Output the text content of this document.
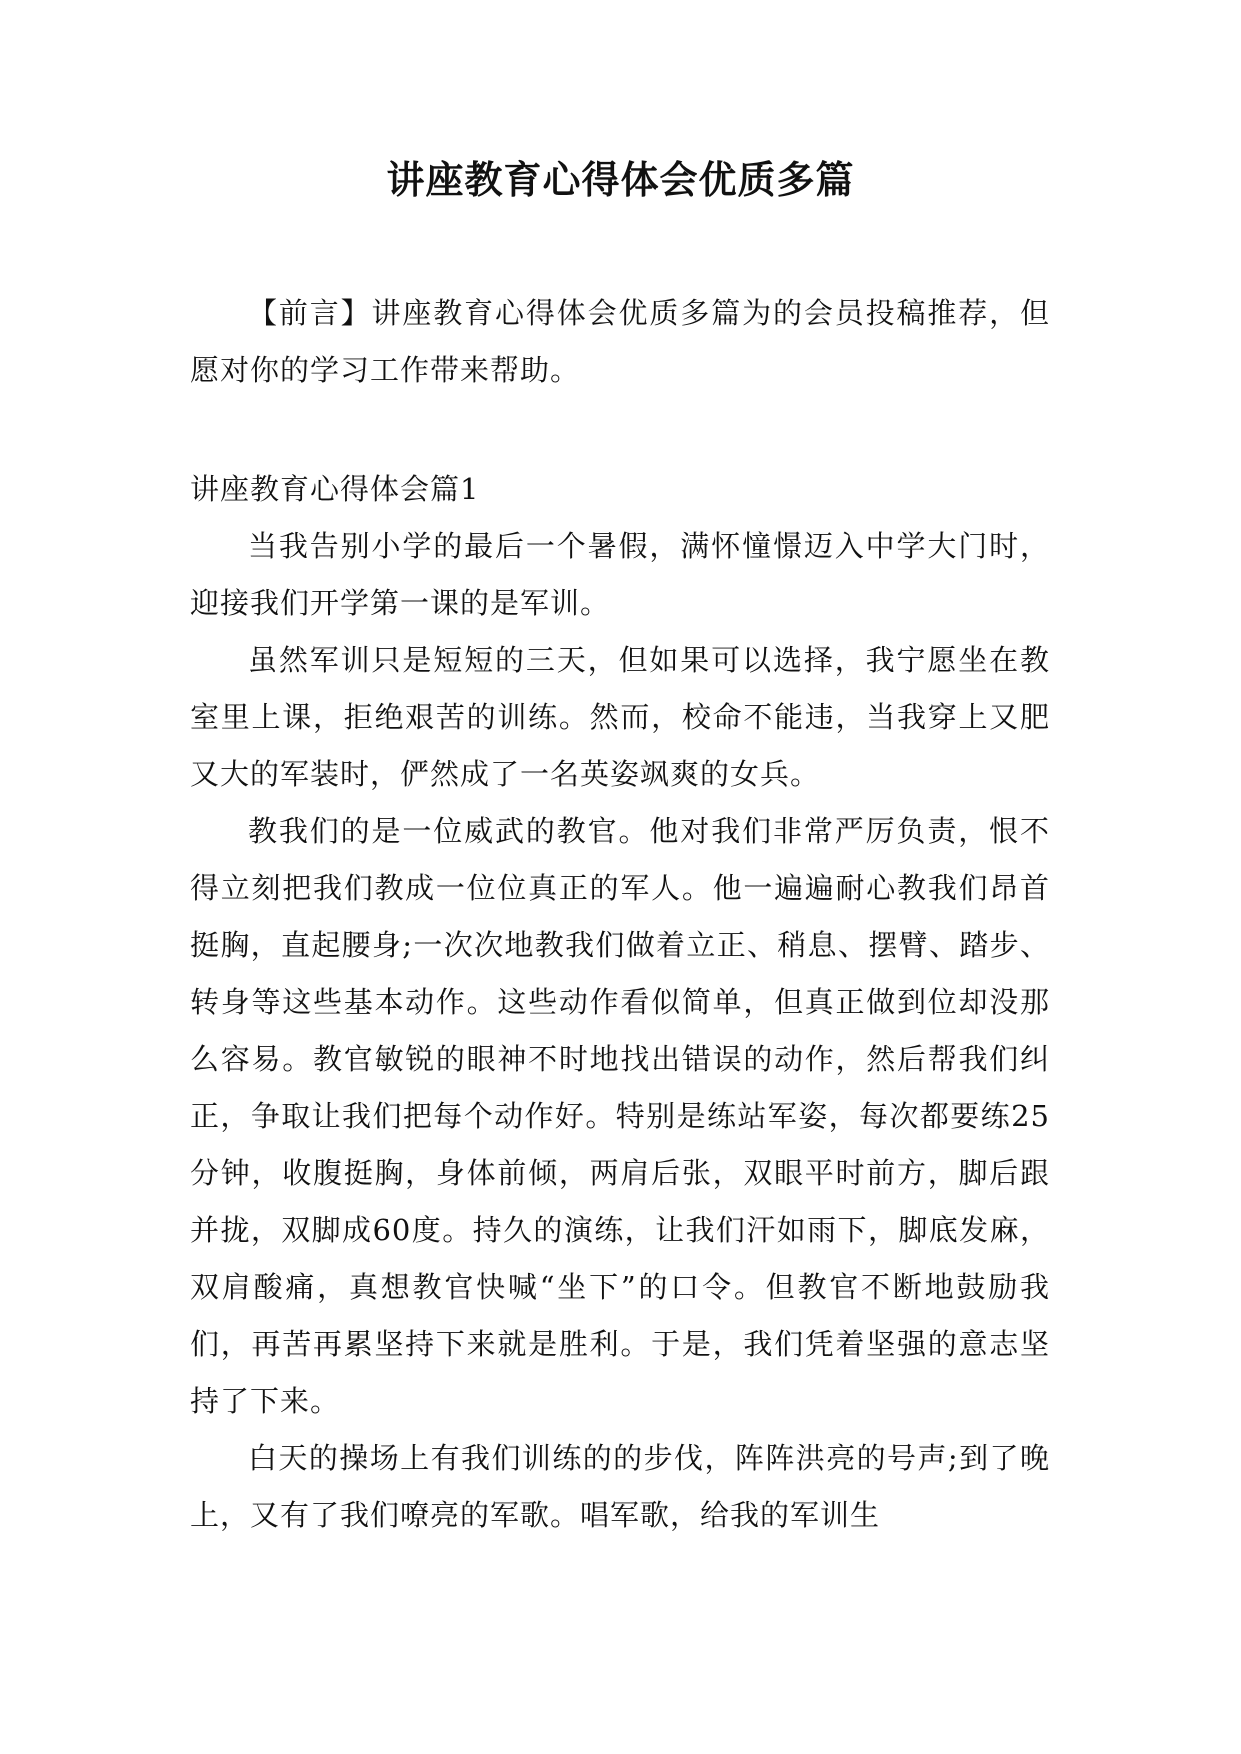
讲座教育心得体会优质多篇

【前言】讲座教育心得体会优质多篇为的会员投稿推荐，但愿对你的学习工作带来帮助。

讲座教育心得体会篇1

当我告别小学的最后一个暑假，满怀憧憬迈入中学大门时，迎接我们开学第一课的是军训。

虽然军训只是短短的三天，但如果可以选择，我宁愿坐在教室里上课，拒绝艰苦的训练。然而，校命不能违，当我穿上又肥又大的军装时，俨然成了一名英姿飒爽的女兵。

教我们的是一位威武的教官。他对我们非常严厉负责，恨不得立刻把我们教成一位位真正的军人。他一遍遍耐心教我们昂首挺胸，直起腰身;一次次地教我们做着立正、稍息、摆臂、踏步、转身等这些基本动作。这些动作看似简单，但真正做到位却没那么容易。教官敏锐的眼神不时地找出错误的动作，然后帮我们纠正，争取让我们把每个动作好。特别是练站军姿，每次都要练25分钟，收腹挺胸，身体前倾，两肩后张，双眼平时前方，脚后跟并拢，双脚成60度。持久的演练，让我们汗如雨下，脚底发麻，双肩酸痛，真想教官快喊“坐下”的口令。但教官不断地鼓励我们，再苦再累坚持下来就是胜利。于是，我们凭着坚强的意志坚持了下来。

白天的操场上有我们训练的的步伐，阵阵洪亮的号声;到了晚上，又有了我们嘹亮的军歌。唱军歌，给我的军训生
